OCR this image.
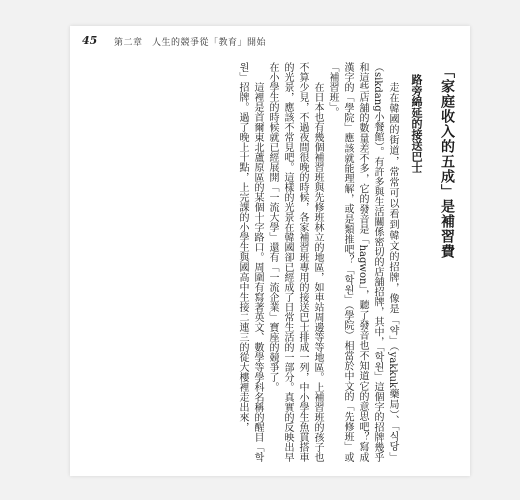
45 第二章　人生的競爭從「教育」開始
「家庭收入的五成」是補習費
路旁綿延的接送巴士

走在韓國的街道，常常可以看到韓文的招牌，像是「약」（yakkuk藥局）、「식당」（sikdang小餐館）。有許多與生活關係密切的店舖招牌，其中，「학원」這個字的招牌幾乎和這些店舖的數量差不多，它的發音是「hagwon」，聽了發音也不知道它的意思吧？寫成漢字的「學院」應該就能理解，或是類推吧？「학원」（學院）相當於中文的「先修班」或「補習班」。

在日本也有幾個補習班與先修班林立的地區，如車站周邊等等地區。上補習班的孩子也不算少見，不過夜間很晚的時候，各家補習班專用的接送巴士排成一列，中小學生魚貫搭車的光景，應該不常見吧。這樣的光景在韓國卻已經成了日常生活的一部分。真實的反映出早在小學生的時候就已經展開「一流大學」還有「一流企業」寶座的競爭了。

這裡是首爾東北蘆原區的某個十字路口。周圍有寫著英文、數學等學科名稱的醒目「학원」招牌。過了晚上十點，上完課的小學生與國高中生接二連三的從大樓裡走出來，
